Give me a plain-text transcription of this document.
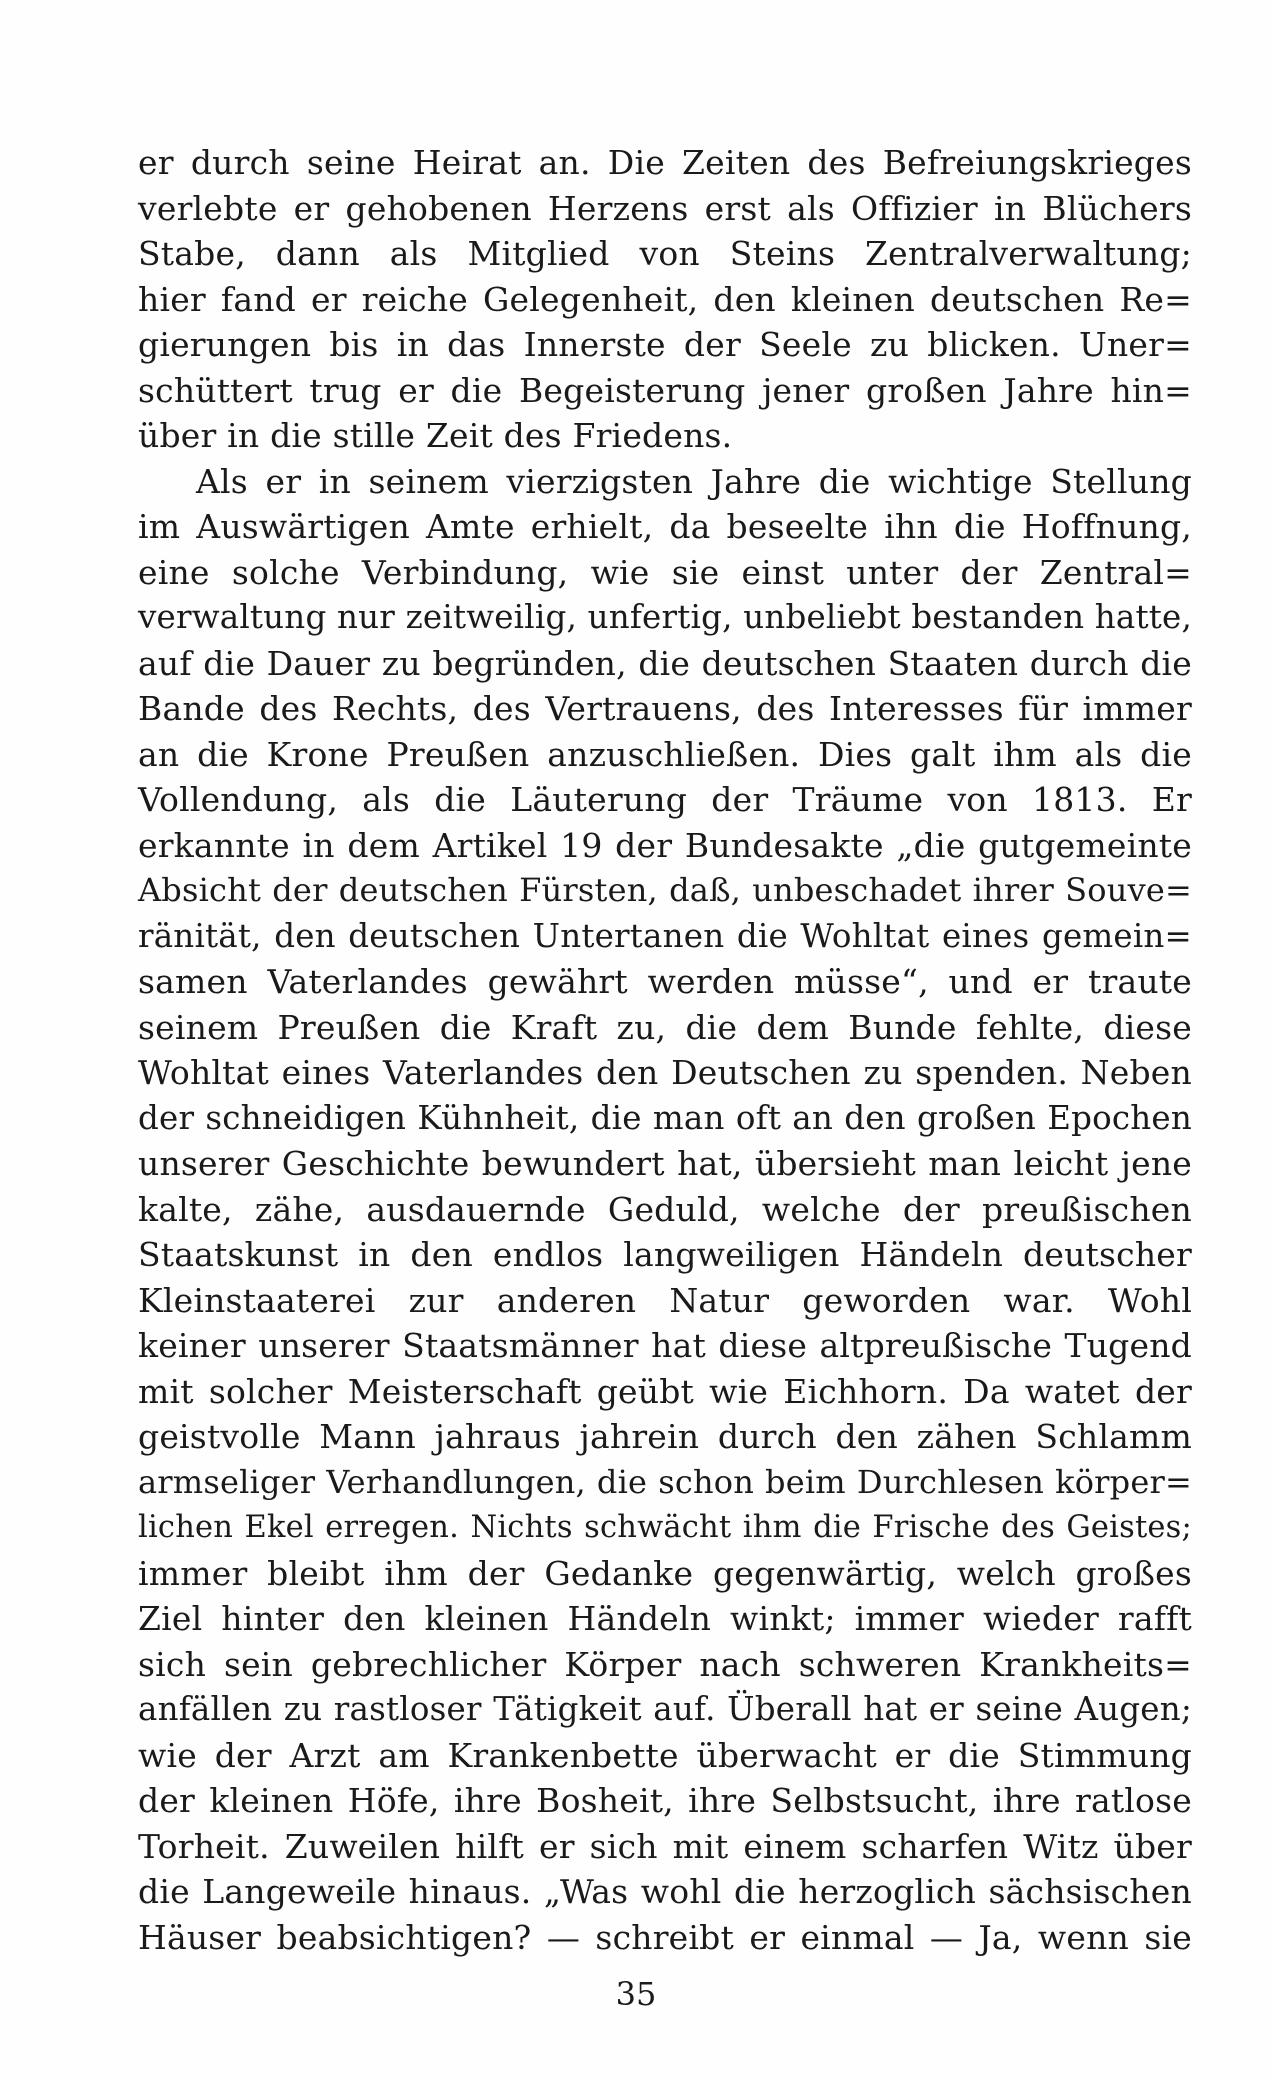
er durch seine Heirat an. Die Zeiten des Befreiungskrieges
verlebte er gehobenen Herzens erst als Offizier in Blüchers
Stabe, dann als Mitglied von Steins Zentralverwaltung;
hier fand er reiche Gelegenheit, den kleinen deutschen Re=
gierungen bis in das Innerste der Seele zu blicken. Uner=
schüttert trug er die Begeisterung jener großen Jahre hin=
über in die stille Zeit des Friedens.
Als er in seinem vierzigsten Jahre die wichtige Stellung
im Auswärtigen Amte erhielt, da beseelte ihn die Hoffnung,
eine solche Verbindung, wie sie einst unter der Zentral=
verwaltung nur zeitweilig, unfertig, unbeliebt bestanden hatte,
auf die Dauer zu begründen, die deutschen Staaten durch die
Bande des Rechts, des Vertrauens, des Interesses für immer
an die Krone Preußen anzuschließen. Dies galt ihm als die
Vollendung, als die Läuterung der Träume von 1813. Er
erkannte in dem Artikel 19 der Bundesakte „die gutgemeinte
Absicht der deutschen Fürsten, daß, unbeschadet ihrer Souve=
ränität, den deutschen Untertanen die Wohltat eines gemein=
samen Vaterlandes gewährt werden müsse“, und er traute
seinem Preußen die Kraft zu, die dem Bunde fehlte, diese
Wohltat eines Vaterlandes den Deutschen zu spenden. Neben
der schneidigen Kühnheit, die man oft an den großen Epochen
unserer Geschichte bewundert hat, übersieht man leicht jene
kalte, zähe, ausdauernde Geduld, welche der preußischen
Staatskunst in den endlos langweiligen Händeln deutscher
Kleinstaaterei zur anderen Natur geworden war. Wohl
keiner unserer Staatsmänner hat diese altpreußische Tugend
mit solcher Meisterschaft geübt wie Eichhorn. Da watet der
geistvolle Mann jahraus jahrein durch den zähen Schlamm
armseliger Verhandlungen, die schon beim Durchlesen körper=
lichen Ekel erregen. Nichts schwächt ihm die Frische des Geistes;
immer bleibt ihm der Gedanke gegenwärtig, welch großes
Ziel hinter den kleinen Händeln winkt; immer wieder rafft
sich sein gebrechlicher Körper nach schweren Krankheits=
anfällen zu rastloser Tätigkeit auf. Überall hat er seine Augen;
wie der Arzt am Krankenbette überwacht er die Stimmung
der kleinen Höfe, ihre Bosheit, ihre Selbstsucht, ihre ratlose
Torheit. Zuweilen hilft er sich mit einem scharfen Witz über
die Langeweile hinaus. „Was wohl die herzoglich sächsischen
Häuser beabsichtigen? — schreibt er einmal — Ja, wenn sie
35
